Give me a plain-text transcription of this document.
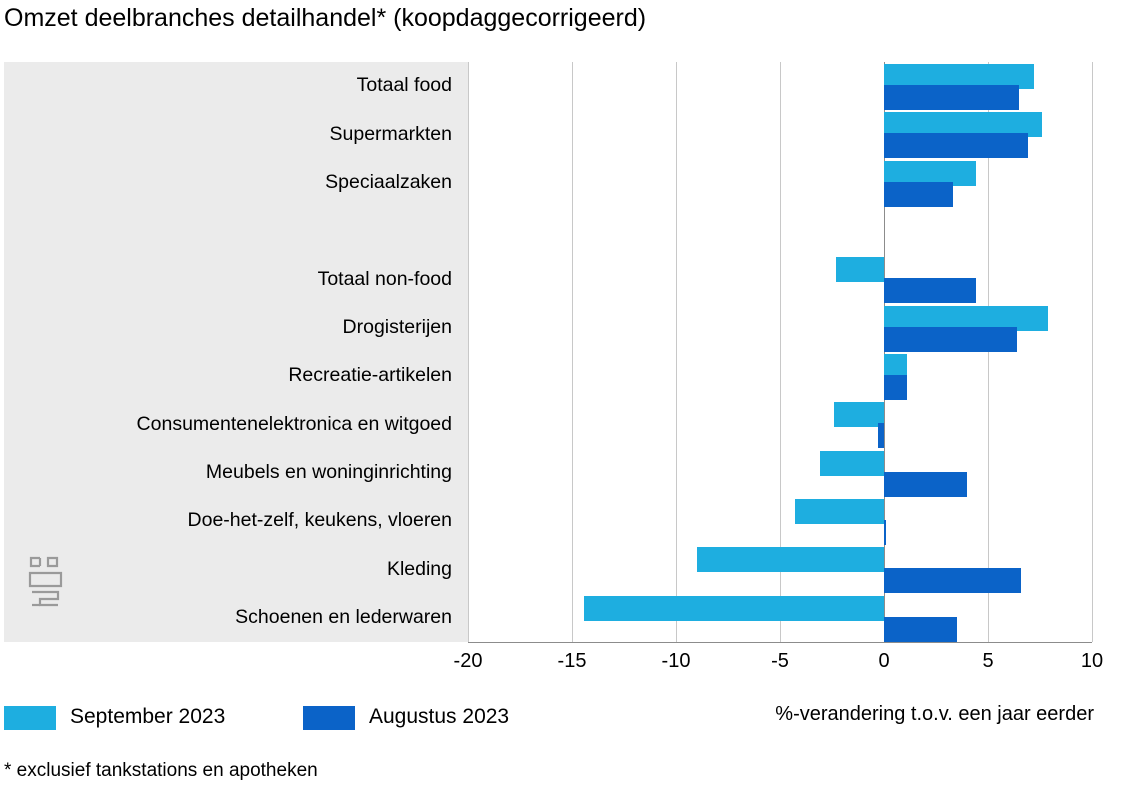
Omzet deelbranches detailhandel* (koopdaggecorrigeerd)
-20	-15	-10	-5	0	5	10
Totaal food
Supermarkten
Speciaalzaken
Totaal non-food
Drogisterijen
Recreatie-artikelen
Consumentenelektronica en witgoed
Meubels en woninginrichting
Doe-het-zelf, keukens, vloeren
Kleding
Schoenen en lederwaren
September 2023	Augustus 2023	%-verandering t.o.v. een jaar eerder
* exclusief tankstations en apotheken
